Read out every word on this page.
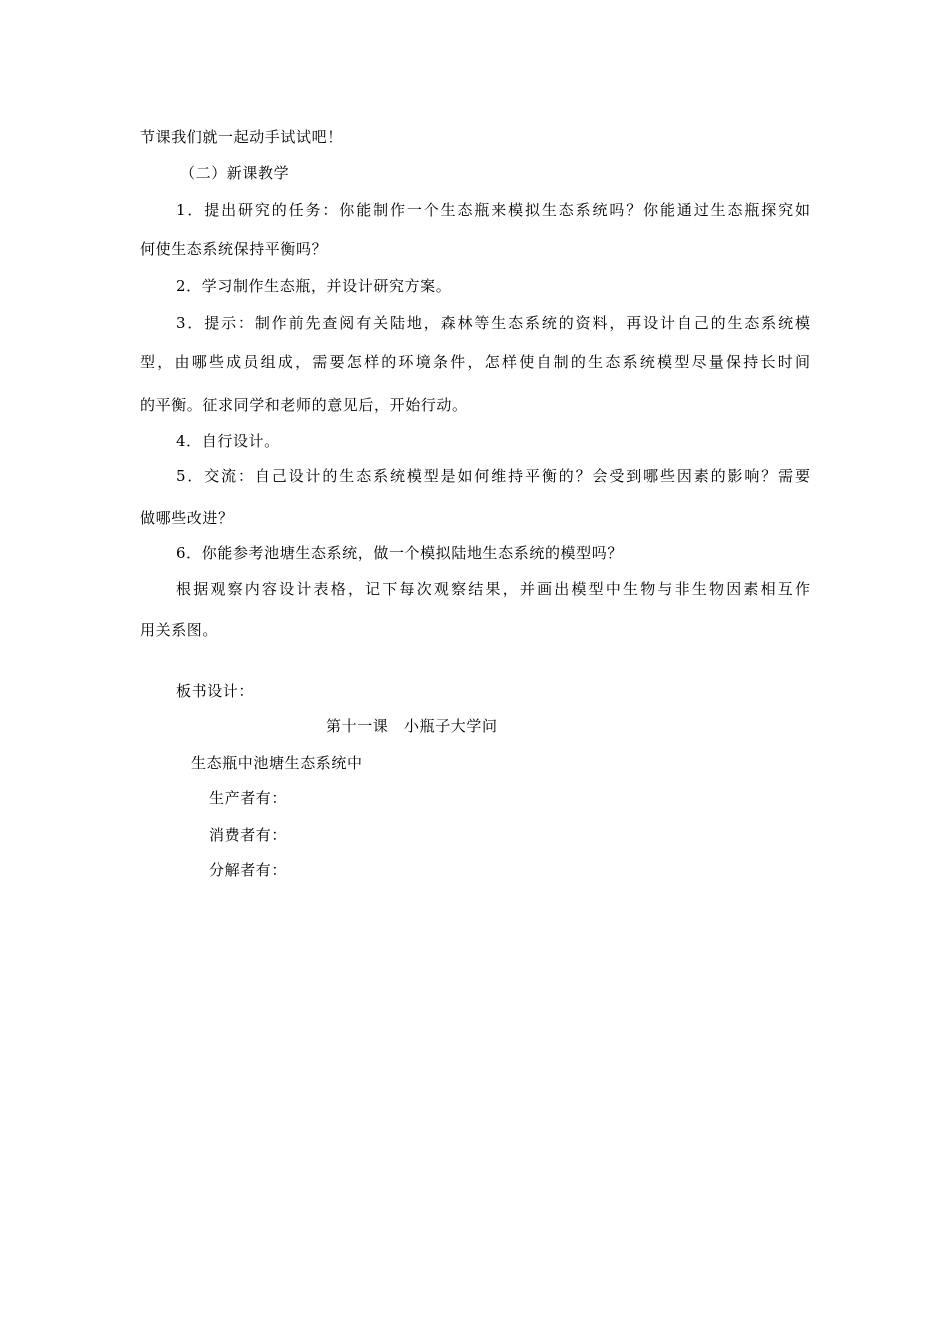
节课我们就一起动手试试吧！
（二）新课教学
1．提出研究的任务：你能制作一个生态瓶来模拟生态系统吗？你能通过生态瓶探究如
何使生态系统保持平衡吗？
2．学习制作生态瓶，并设计研究方案。
3．提示：制作前先查阅有关陆地，森林等生态系统的资料，再设计自己的生态系统模
型，由哪些成员组成，需要怎样的环境条件，怎样使自制的生态系统模型尽量保持长时间
的平衡。征求同学和老师的意见后，开始行动。
4．自行设计。
5．交流：自己设计的生态系统模型是如何维持平衡的？会受到哪些因素的影响？需要
做哪些改进？
6．你能参考池塘生态系统，做一个模拟陆地生态系统的模型吗？
根据观察内容设计表格，记下每次观察结果，并画出模型中生物与非生物因素相互作
用关系图。
板书设计：
第十一课　小瓶子大学问
生态瓶中池塘生态系统中
生产者有：
消费者有：
分解者有：
